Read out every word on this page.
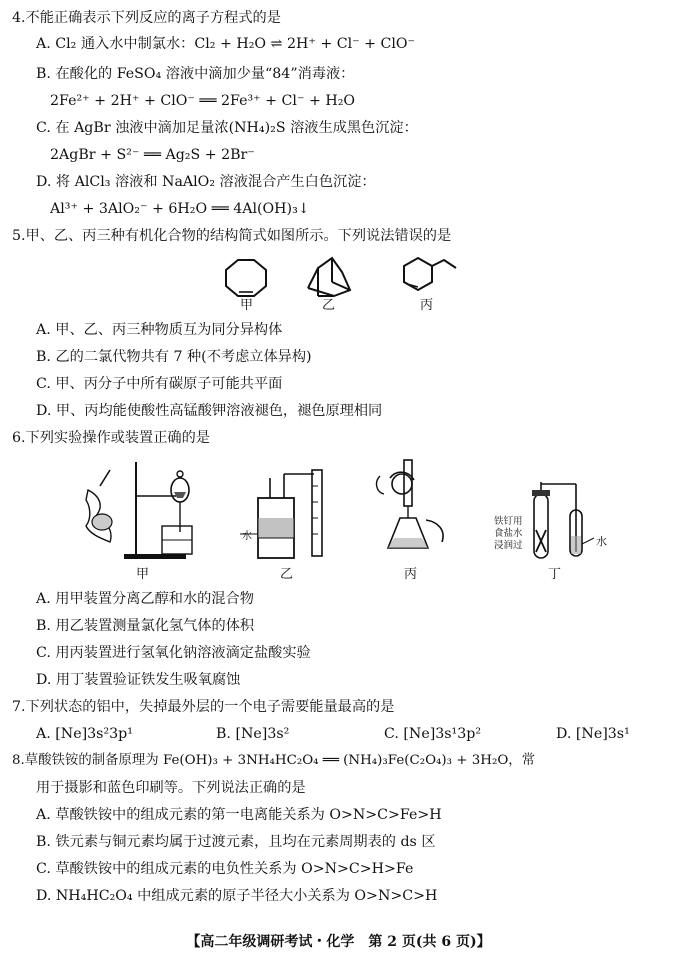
4.不能正确表示下列反应的离子方程式的是
A. Cl₂ 通入水中制氯水：Cl₂ + H₂O ⇌ 2H⁺ + Cl⁻ + ClO⁻
B. 在酸化的 FeSO₄ 溶液中滴加少量“84”消毒液：
2Fe²⁺ + 2H⁺ + ClO⁻ ══ 2Fe³⁺ + Cl⁻ + H₂O
C. 在 AgBr 浊液中滴加足量浓(NH₄)₂S 溶液生成黑色沉淀：
2AgBr + S²⁻ ══ Ag₂S + 2Br⁻
D. 将 AlCl₃ 溶液和 NaAlO₂ 溶液混合产生白色沉淀：
Al³⁺ + 3AlO₂⁻ + 6H₂O ══ 4Al(OH)₃↓
5.甲、乙、丙三种有机化合物的结构简式如图所示。下列说法错误的是
甲	乙	丙
A. 甲、乙、丙三种物质互为同分异构体
B. 乙的二氯代物共有 7 种(不考虑立体异构)
C. 甲、丙分子中所有碳原子可能共平面
D. 甲、丙均能使酸性高锰酸钾溶液褪色，褪色原理相同
6.下列实验操作或装置正确的是
甲
水
乙	丙
铁钉用
食盐水
浸润过	水
丁
A. 用甲装置分离乙醇和水的混合物
B. 用乙装置测量氯化氢气体的体积
C. 用丙装置进行氢氧化钠溶液滴定盐酸实验
D. 用丁装置验证铁发生吸氧腐蚀
7.下列状态的铝中，失掉最外层的一个电子需要能量最高的是
A. [Ne]3s²3p¹	B. [Ne]3s²	C. [Ne]3s¹3p²	D. [Ne]3s¹
8.草酸铁铵的制备原理为 Fe(OH)₃ + 3NH₄HC₂O₄ ══ (NH₄)₃Fe(C₂O₄)₃ + 3H₂O，常
用于摄影和蓝色印刷等。下列说法正确的是
A. 草酸铁铵中的组成元素的第一电离能关系为 O>N>C>Fe>H
B. 铁元素与铜元素均属于过渡元素，且均在元素周期表的 ds 区
C. 草酸铁铵中的组成元素的电负性关系为 O>N>C>H>Fe
D. NH₄HC₂O₄ 中组成元素的原子半径大小关系为 O>N>C>H
【高二年级调研考试・化学　第 2 页(共 6 页)】
